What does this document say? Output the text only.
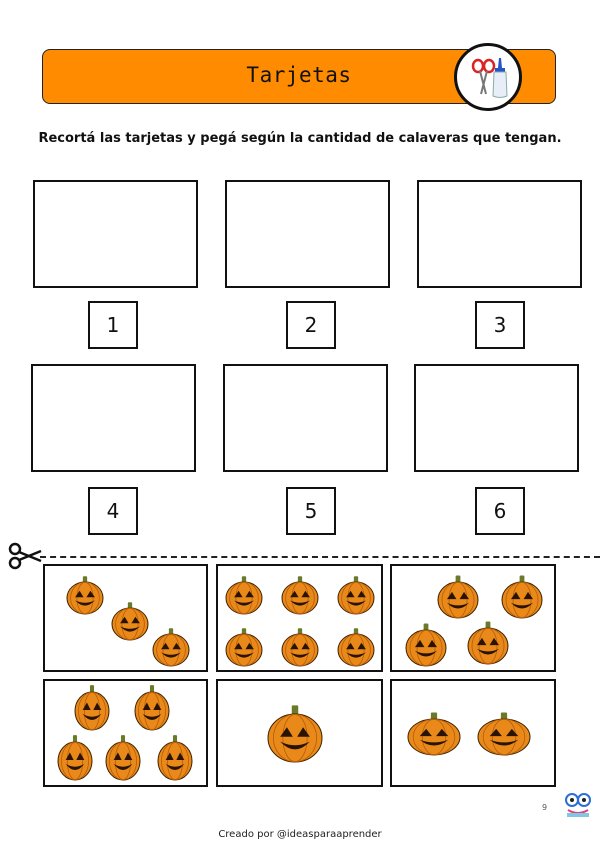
Tarjetas
Recortá las tarjetas y pegá según la cantidad de calaveras que tengan.
1	2	3
4	5	6
9
Creado por @ideasparaaprender
